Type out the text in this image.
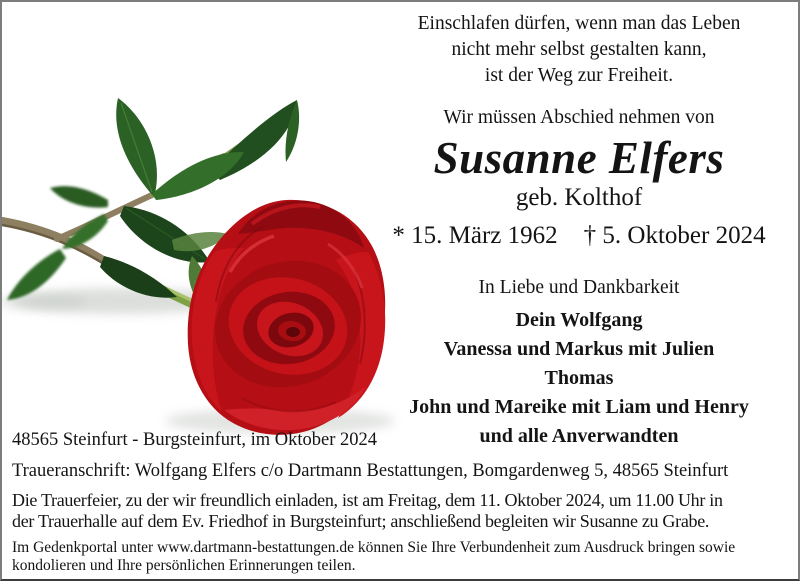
Einschlafen dürfen, wenn man das Leben
nicht mehr selbst gestalten kann,
ist der Weg zur Freiheit.
Wir müssen Abschied nehmen von
Susanne Elfers
geb. Kolthof
* 15. März 1962 † 5. Oktober 2024
In Liebe und Dankbarkeit
Dein Wolfgang
Vanessa und Markus mit Julien
Thomas
John und Mareike mit Liam und Henry
und alle Anverwandten
48565 Steinfurt - Burgsteinfurt, im Oktober 2024
Traueranschrift: Wolfgang Elfers c/o Dartmann Bestattungen, Bomgardenweg 5, 48565 Steinfurt
Die Trauerfeier, zu der wir freundlich einladen, ist am Freitag, dem 11. Oktober 2024, um 11.00 Uhr in
der Trauerhalle auf dem Ev. Friedhof in Burgsteinfurt; anschließend begleiten wir Susanne zu Grabe.
Im Gedenkportal unter www.dartmann-bestattungen.de können Sie Ihre Verbundenheit zum Ausdruck bringen sowie
kondolieren und Ihre persönlichen Erinnerungen teilen.
